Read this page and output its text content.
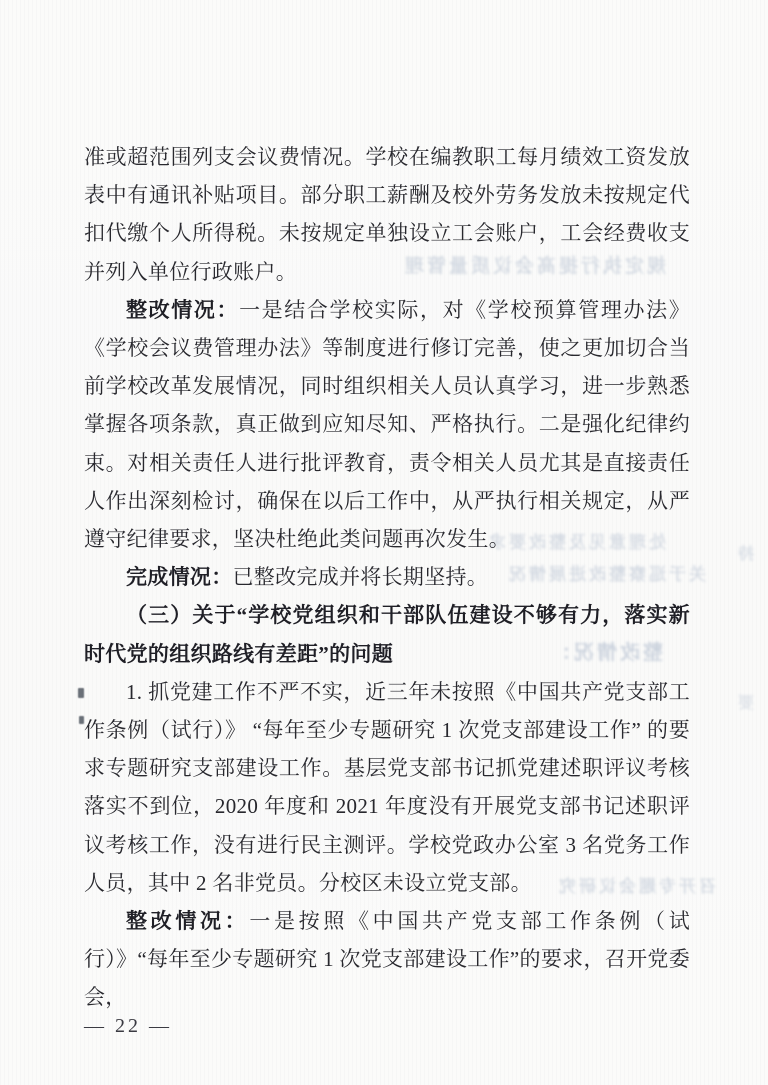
规定执行提高会议质量管理
处理意见及整改要求
关于巡察整改进展情况
整改情况：
持
召开专题会议研究
要

准或超范围列支会议费情况。学校在编教职工每月绩效工资发放表中有通讯补贴项目。部分职工薪酬及校外劳务发放未按规定代扣代缴个人所得税。未按规定单独设立工会账户，工会经费收支并列入单位行政账户。

整改情况：一是结合学校实际，对《学校预算管理办法》《学校会议费管理办法》等制度进行修订完善，使之更加切合当前学校改革发展情况，同时组织相关人员认真学习，进一步熟悉掌握各项条款，真正做到应知尽知、严格执行。二是强化纪律约束。对相关责任人进行批评教育，责令相关人员尤其是直接责任人作出深刻检讨，确保在以后工作中，从严执行相关规定，从严遵守纪律要求，坚决杜绝此类问题再次发生。

完成情况：已整改完成并将长期坚持。

（三）关于“学校党组织和干部队伍建设不够有力，落实新时代党的组织路线有差距”的问题

1. 抓党建工作不严不实，近三年未按照《中国共产党支部工作条例（试行）》 “每年至少专题研究 1 次党支部建设工作” 的要求专题研究支部建设工作。基层党支部书记抓党建述职评议考核落实不到位，2020 年度和 2021 年度没有开展党支部书记述职评议考核工作，没有进行民主测评。学校党政办公室 3 名党务工作人员，其中 2 名非党员。分校区未设立党支部。

整改情况：一是按照《中国共产党支部工作条例（试行）》“每年至少专题研究 1 次党支部建设工作”的要求，召开党委会，

— 22 —
